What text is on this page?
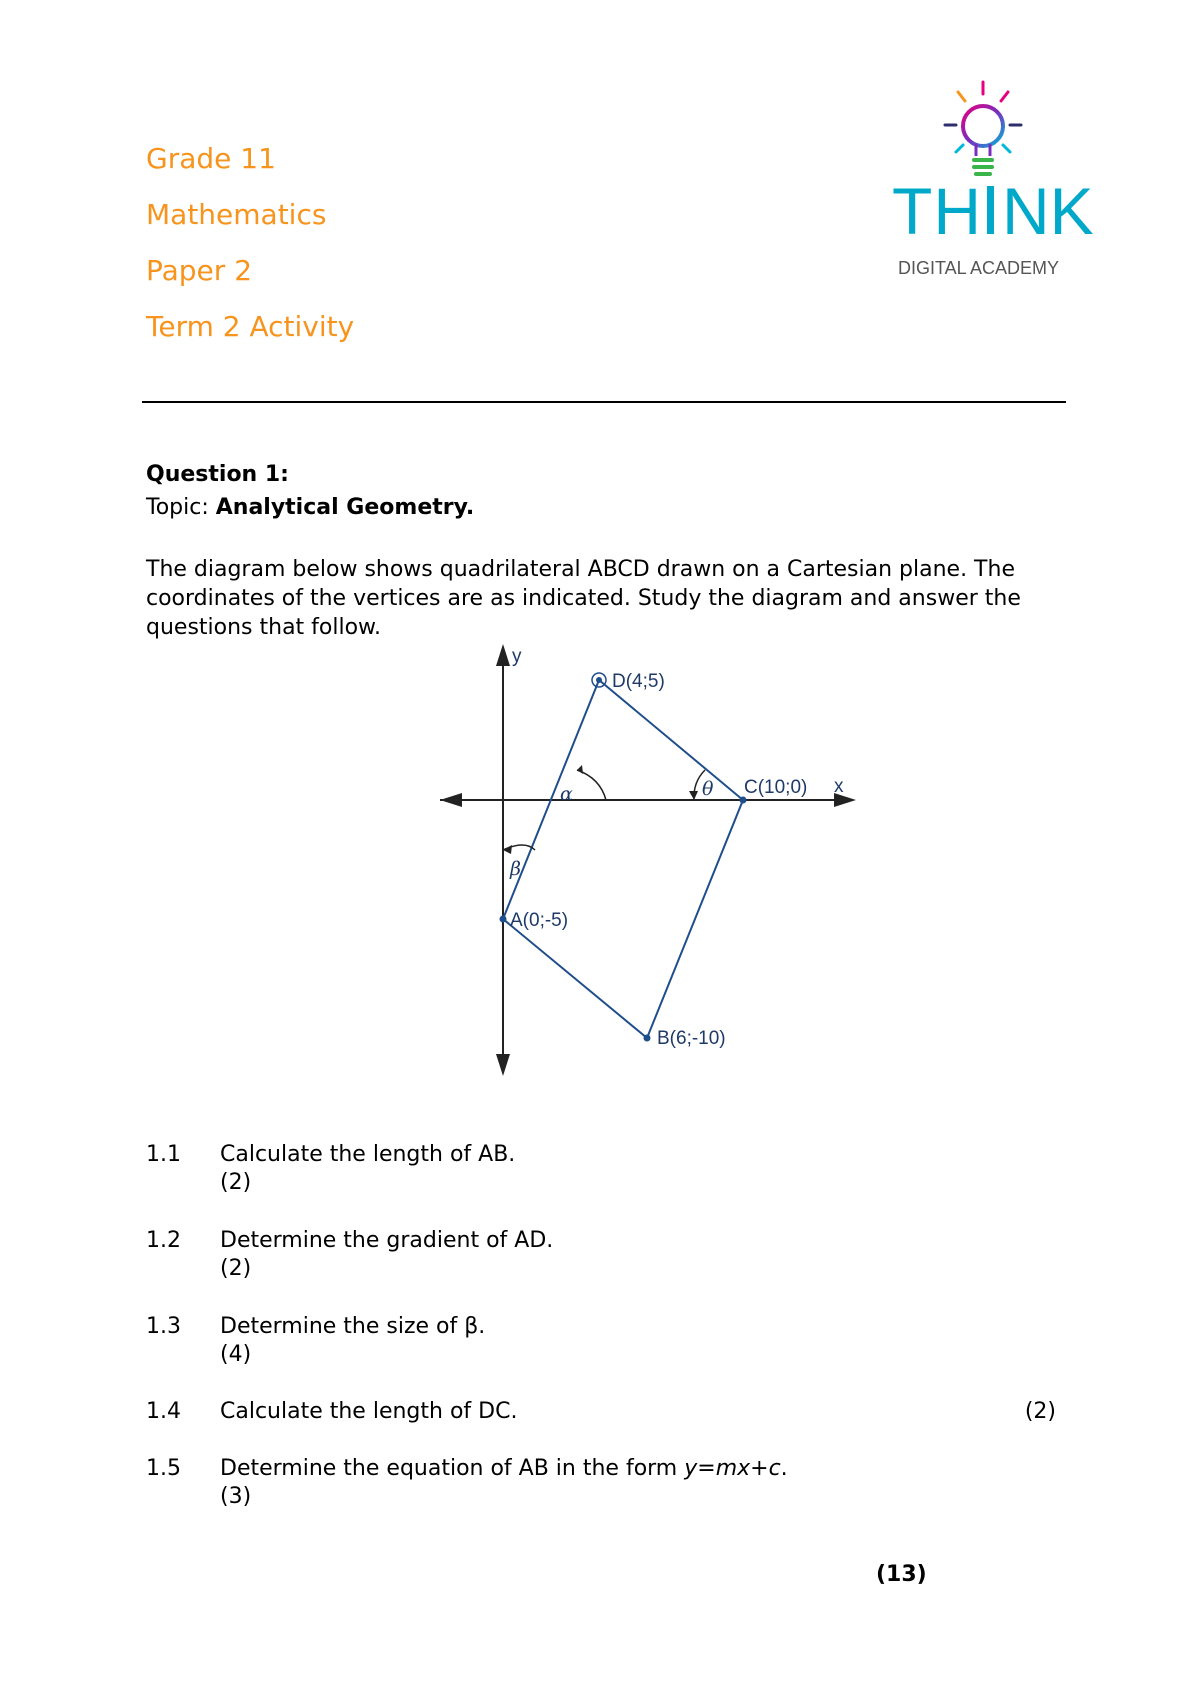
Grade 11
Mathematics
Paper 2
Term 2 Activity
TH NK
DIGITAL ACADEMY
Question 1:
Topic: Analytical Geometry.
The diagram below shows quadrilateral ABCD drawn on a Cartesian plane. The coordinates of the vertices are as indicated. Study the diagram and answer the questions that follow.
y
x
α	θ
β
D(4;5)
C(10;0)
A(0;-5)
B(6;-10)
1.1 Calculate the length of AB.
(2)
1.2 Determine the gradient of AD.
(2)
1.3 Determine the size of β.
(4)
1.4 Calculate the length of DC.	(2)
1.5 Determine the equation of AB in the form y=mx+c.
(3)
(13)
